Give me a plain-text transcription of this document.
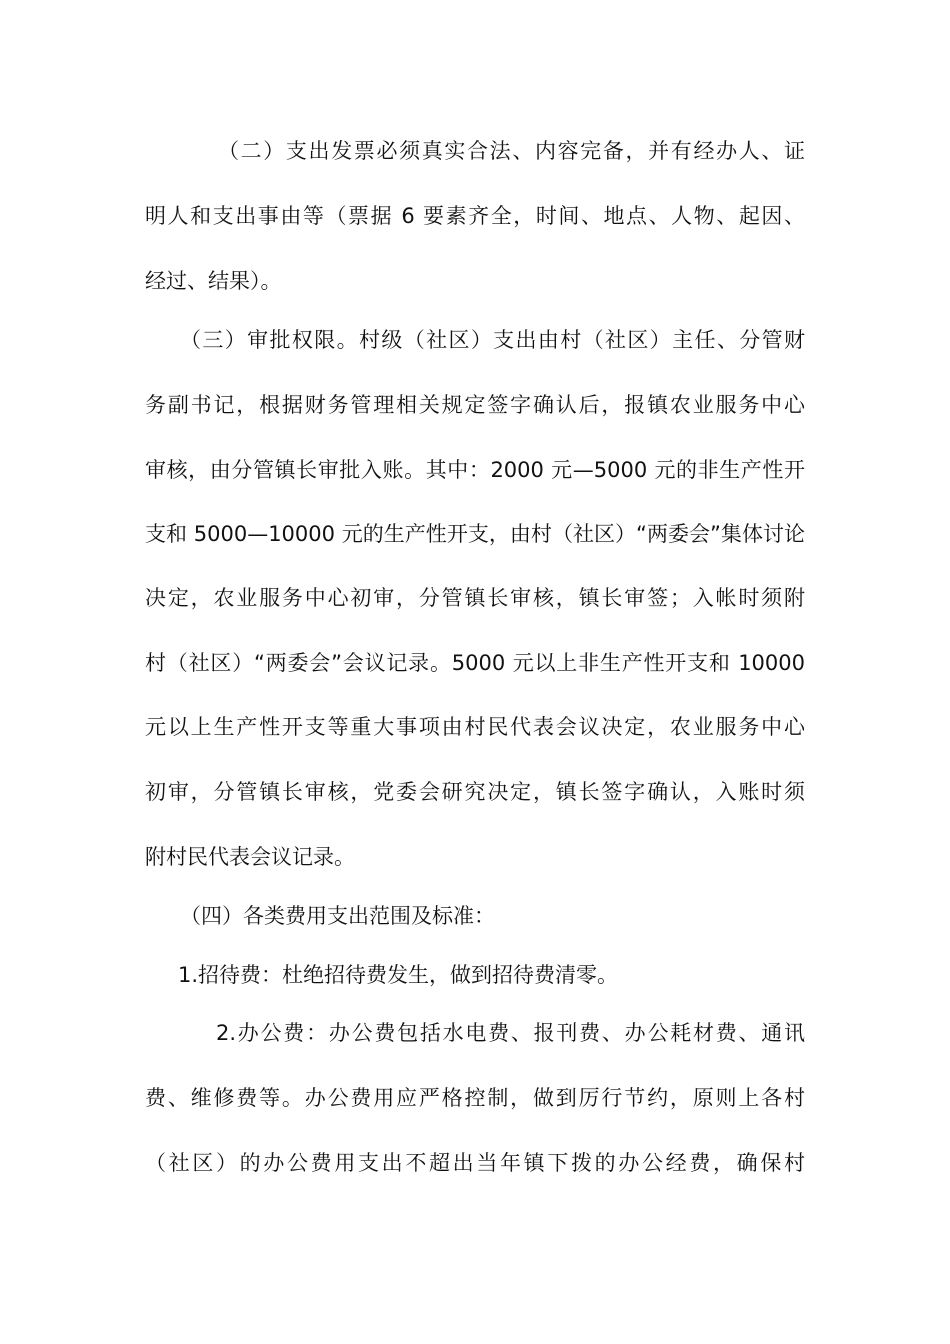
（二）支出发票必须真实合法、内容完备，并有经办人、证
明人和支出事由等（票据 6 要素齐全，时间、地点、人物、起因、
经过、结果）。
（三）审批权限。村级（社区）支出由村（社区）主任、分管财
务副书记，根据财务管理相关规定签字确认后，报镇农业服务中心
审核，由分管镇长审批入账。其中：2000 元—5000 元的非生产性开
支和 5000—10000 元的生产性开支，由村（社区）“两委会”集体讨论
决定，农业服务中心初审，分管镇长审核，镇长审签；入帐时须附
村（社区）“两委会”会议记录。5000 元以上非生产性开支和 10000
元以上生产性开支等重大事项由村民代表会议决定，农业服务中心
初审，分管镇长审核，党委会研究决定，镇长签字确认，入账时须
附村民代表会议记录。
（四）各类费用支出范围及标准：
1.招待费：杜绝招待费发生，做到招待费清零。
2.办公费：办公费包括水电费、报刊费、办公耗材费、通讯
费、维修费等。办公费用应严格控制，做到厉行节约，原则上各村
（社区）的办公费用支出不超出当年镇下拨的办公经费，确保村
